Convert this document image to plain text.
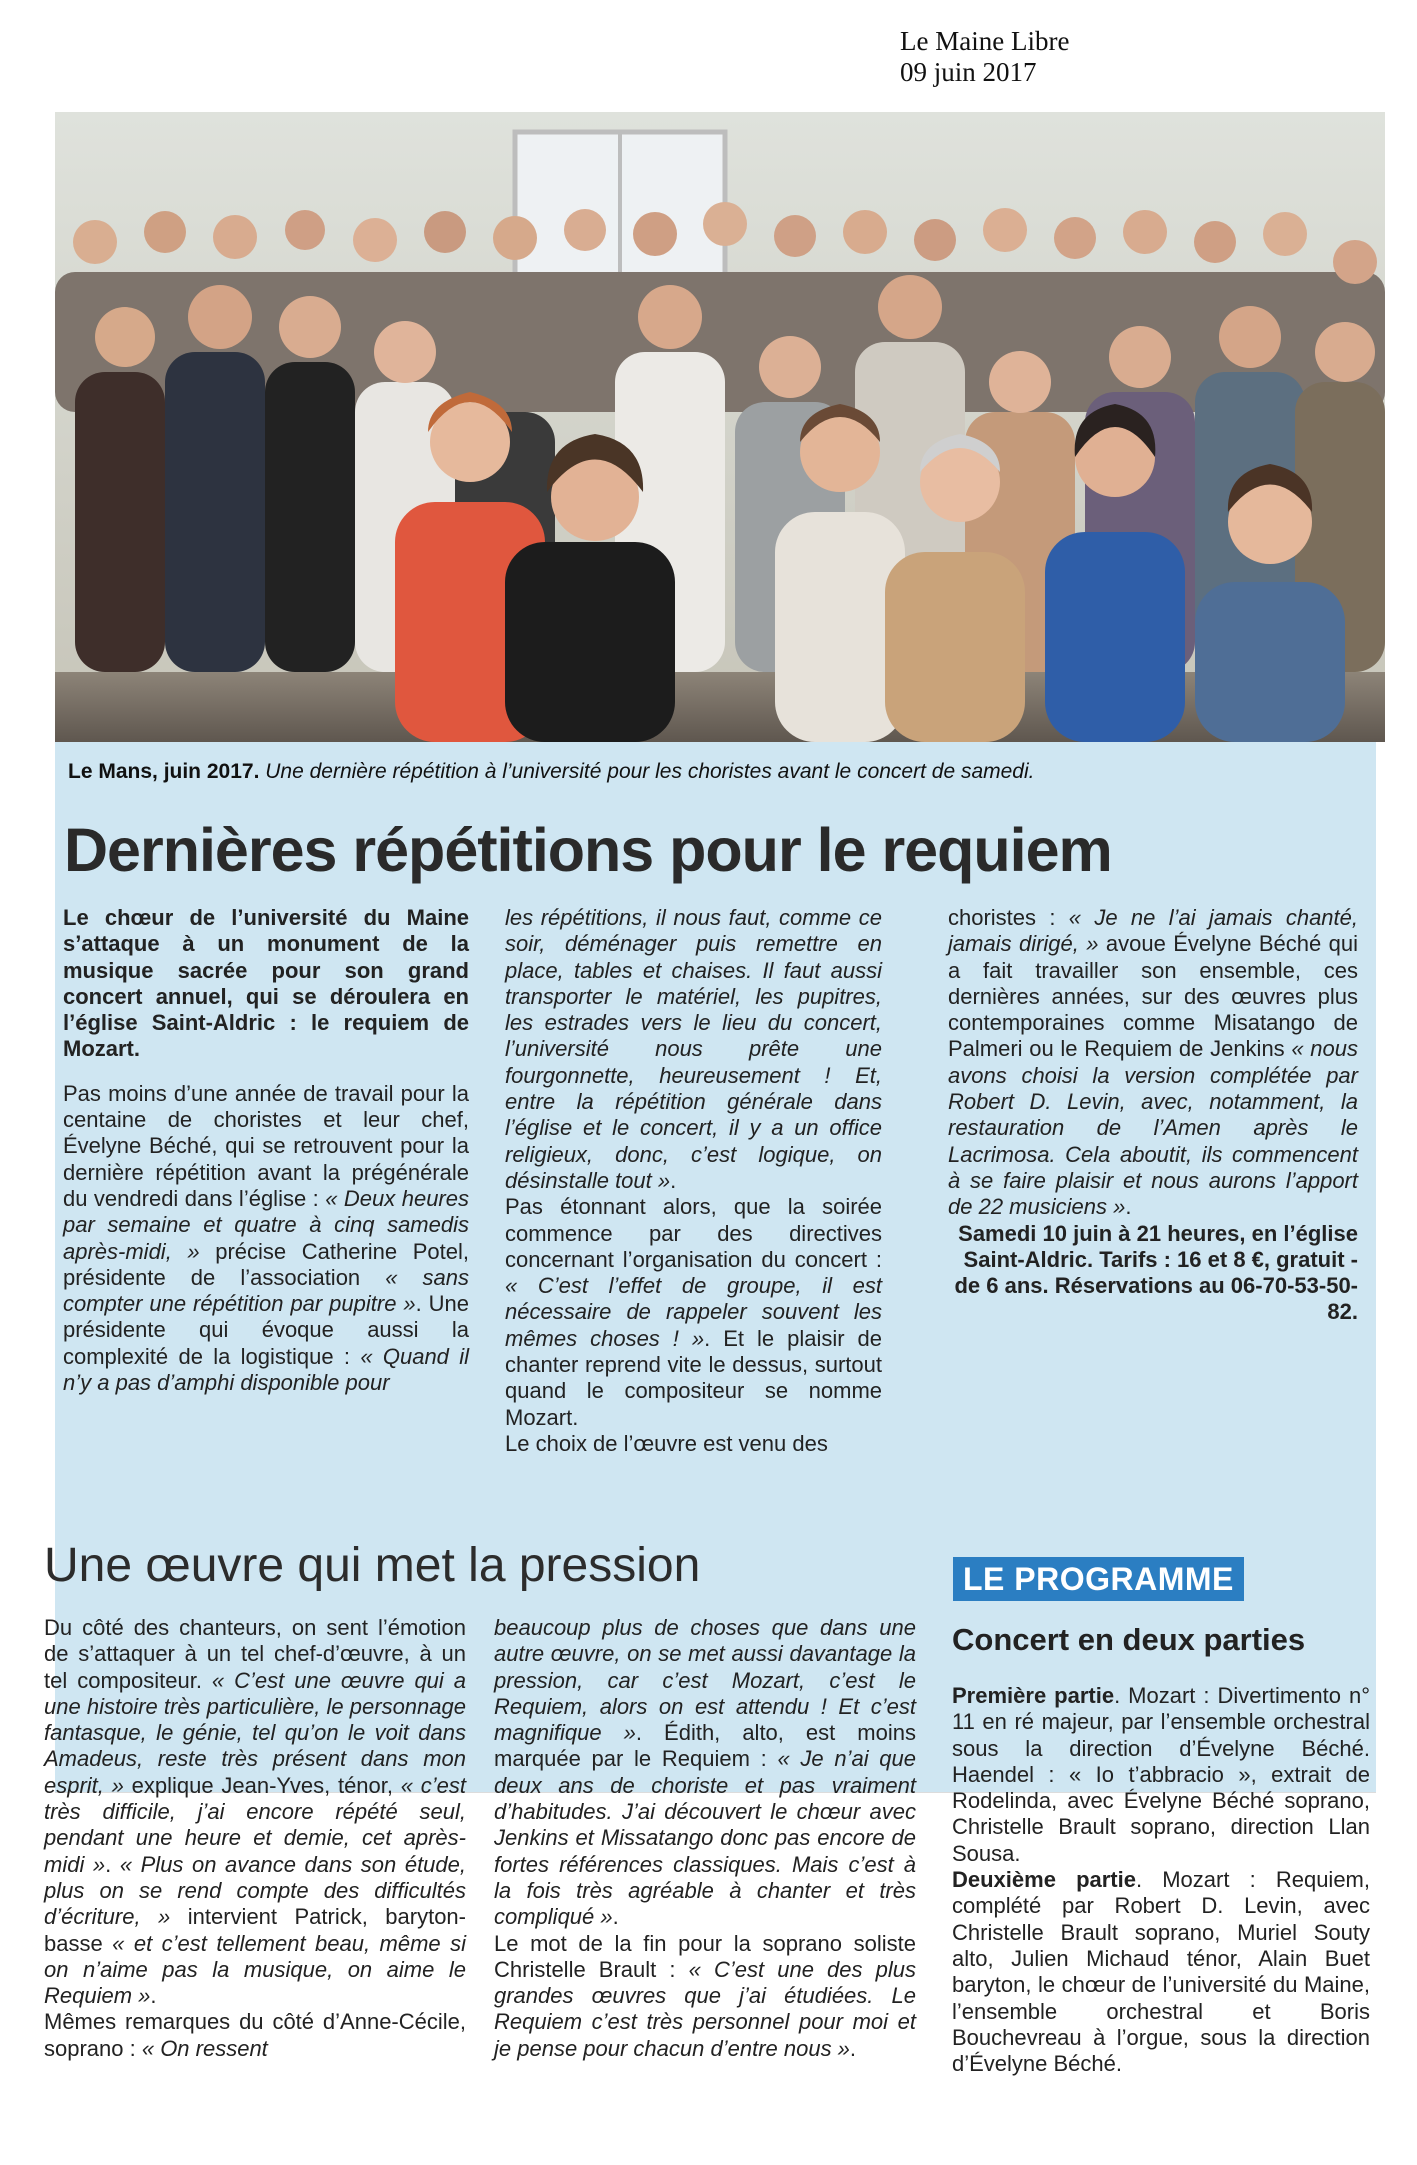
Le Maine Libre
09 juin 2017
Le Mans, juin 2017. Une dernière répétition à l’université pour les choristes avant le concert de samedi.
Dernières répétitions pour le requiem

Le chœur de l’université du Maine s’attaque à un monument de la musique sacrée pour son grand concert annuel, qui se déroulera en l’église Saint-Aldric : le requiem de Mozart.

Pas moins d’une année de travail pour la centaine de choristes et leur chef, Évelyne Béché, qui se retrouvent pour la dernière répétition avant la prégénérale du vendredi dans l’église : « Deux heures par semaine et quatre à cinq samedis après-midi, » précise Catherine Potel, présidente de l’association « sans compter une répétition par pupitre ». Une présidente qui évoque aussi la complexité de la logistique : « Quand il n’y a pas d’amphi disponible pour

les répétitions, il nous faut, comme ce soir, déménager puis remettre en place, tables et chaises. Il faut aussi transporter le matériel, les pupitres, les estrades vers le lieu du concert, l’université nous prête une fourgonnette, heureusement ! Et, entre la répétition générale dans l’église et le concert, il y a un office religieux, donc, c’est logique, on désinstalle tout ».

Pas étonnant alors, que la soirée commence par des directives concernant l’organisation du concert : « C’est l’effet de groupe, il est nécessaire de rappeler souvent les mêmes choses ! ». Et le plaisir de chanter reprend vite le dessus, surtout quand le compositeur se nomme Mozart.

Le choix de l’œuvre est venu des

choristes : « Je ne l’ai jamais chanté, jamais dirigé, » avoue Évelyne Béché qui a fait travailler son ensemble, ces dernières années, sur des œuvres plus contemporaines comme Misatango de Palmeri ou le Requiem de Jenkins « nous avons choisi la version complétée par Robert D. Levin, avec, notamment, la restauration de l’Amen après le Lacrimosa. Cela aboutit, ils commencent à se faire plaisir et nous aurons l’apport de 22 musiciens ».

Samedi 10 juin à 21 heures, en l’église Saint-Aldric. Tarifs : 16 et 8 €, gratuit - de 6 ans. Réservations au 06-70-53-50-82.

Une œuvre qui met la pression

Du côté des chanteurs, on sent l’émotion de s’attaquer à un tel chef-d’œuvre, à un tel compositeur. « C’est une œuvre qui a une histoire très particulière, le personnage fantasque, le génie, tel qu’on le voit dans Amadeus, reste très présent dans mon esprit, » explique Jean-Yves, ténor, « c’est très difficile, j’ai encore répété seul, pendant une heure et demie, cet après-midi ». « Plus on avance dans son étude, plus on se rend compte des difficultés d’écriture, » intervient Patrick, baryton-basse « et c’est tellement beau, même si on n’aime pas la musique, on aime le Requiem ».

Mêmes remarques du côté d’Anne-Cécile, soprano : « On ressent

beaucoup plus de choses que dans une autre œuvre, on se met aussi davantage la pression, car c’est Mozart, c’est le Requiem, alors on est attendu ! Et c’est magnifique ». Édith, alto, est moins marquée par le Requiem : « Je n’ai que deux ans de choriste et pas vraiment d’habitudes. J’ai découvert le chœur avec Jenkins et Missatango donc pas encore de fortes références classiques. Mais c’est à la fois très agréable à chanter et très compliqué ».

Le mot de la fin pour la soprano soliste Christelle Brault : « C’est une des plus grandes œuvres que j’ai étudiées. Le Requiem c’est très personnel pour moi et je pense pour chacun d’entre nous ».

LE PROGRAMME
Concert en deux parties

Première partie. Mozart : Divertimento n° 11 en ré majeur, par l’ensemble orchestral sous la direction d’Évelyne Béché. Haendel : « Io t’abbracio », extrait de Rodelinda, avec Évelyne Béché soprano, Christelle Brault soprano, direction Llan Sousa.

Deuxième partie. Mozart : Requiem, complété par Robert D. Levin, avec Christelle Brault soprano, Muriel Souty alto, Julien Michaud ténor, Alain Buet baryton, le chœur de l’université du Maine, l’ensemble orchestral et Boris Bouchevreau à l’orgue, sous la direction d’Évelyne Béché.
